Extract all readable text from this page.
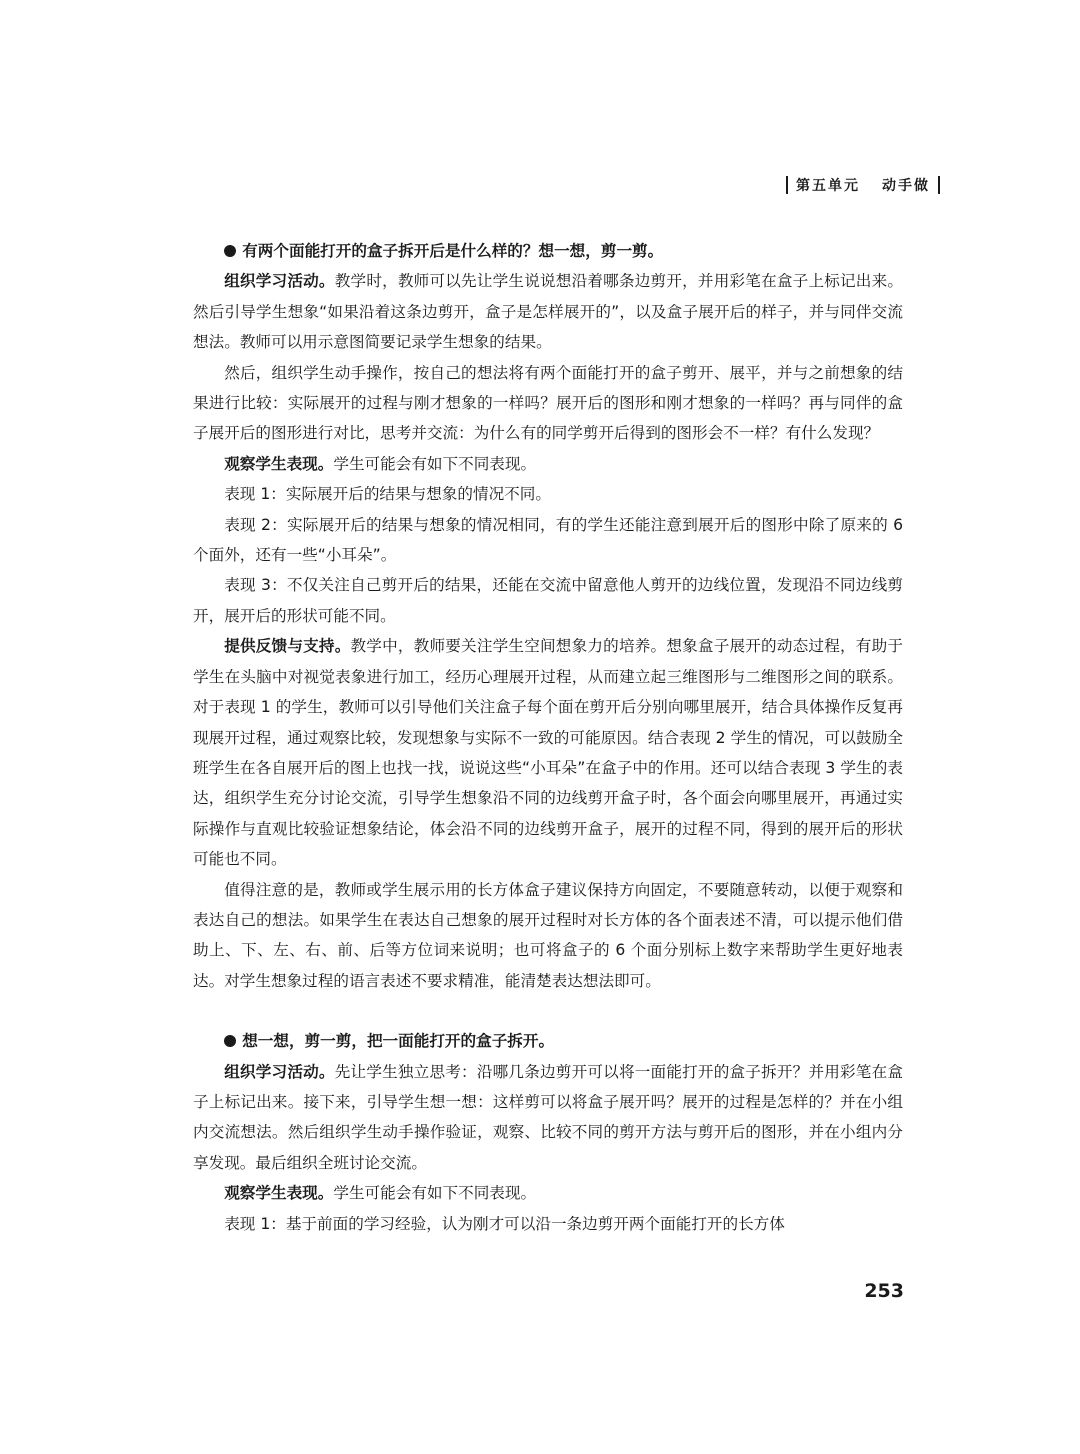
第五单元 动手做

有两个面能打开的盒子拆开后是什么样的？想一想，剪一剪。

组织学习活动。教学时，教师可以先让学生说说想沿着哪条边剪开，并用彩笔在盒子上标记出来。然后引导学生想象“如果沿着这条边剪开，盒子是怎样展开的”，以及盒子展开后的样子，并与同伴交流想法。教师可以用示意图简要记录学生想象的结果。

然后，组织学生动手操作，按自己的想法将有两个面能打开的盒子剪开、展平，并与之前想象的结果进行比较：实际展开的过程与刚才想象的一样吗？展开后的图形和刚才想象的一样吗？再与同伴的盒子展开后的图形进行对比，思考并交流：为什么有的同学剪开后得到的图形会不一样？有什么发现？

观察学生表现。学生可能会有如下不同表现。

表现 1：实际展开后的结果与想象的情况不同。

表现 2：实际展开后的结果与想象的情况相同，有的学生还能注意到展开后的图形中除了原来的 6 个面外，还有一些“小耳朵”。

表现 3：不仅关注自己剪开后的结果，还能在交流中留意他人剪开的边线位置，发现沿不同边线剪开，展开后的形状可能不同。

提供反馈与支持。教学中，教师要关注学生空间想象力的培养。想象盒子展开的动态过程，有助于学生在头脑中对视觉表象进行加工，经历心理展开过程，从而建立起三维图形与二维图形之间的联系。对于表现 1 的学生，教师可以引导他们关注盒子每个面在剪开后分别向哪里展开，结合具体操作反复再现展开过程，通过观察比较，发现想象与实际不一致的可能原因。结合表现 2 学生的情况，可以鼓励全班学生在各自展开后的图上也找一找，说说这些“小耳朵”在盒子中的作用。还可以结合表现 3 学生的表达，组织学生充分讨论交流，引导学生想象沿不同的边线剪开盒子时，各个面会向哪里展开，再通过实际操作与直观比较验证想象结论，体会沿不同的边线剪开盒子，展开的过程不同，得到的展开后的形状可能也不同。

值得注意的是，教师或学生展示用的长方体盒子建议保持方向固定，不要随意转动，以便于观察和表达自己的想法。如果学生在表达自己想象的展开过程时对长方体的各个面表述不清，可以提示他们借助上、下、左、右、前、后等方位词来说明；也可将盒子的 6 个面分别标上数字来帮助学生更好地表达。对学生想象过程的语言表述不要求精准，能清楚表达想法即可。

想一想，剪一剪，把一面能打开的盒子拆开。

组织学习活动。先让学生独立思考：沿哪几条边剪开可以将一面能打开的盒子拆开？并用彩笔在盒子上标记出来。接下来，引导学生想一想：这样剪可以将盒子展开吗？展开的过程是怎样的？并在小组内交流想法。然后组织学生动手操作验证，观察、比较不同的剪开方法与剪开后的图形，并在小组内分享发现。最后组织全班讨论交流。

观察学生表现。学生可能会有如下不同表现。

表现 1：基于前面的学习经验，认为刚才可以沿一条边剪开两个面能打开的长方体

253
